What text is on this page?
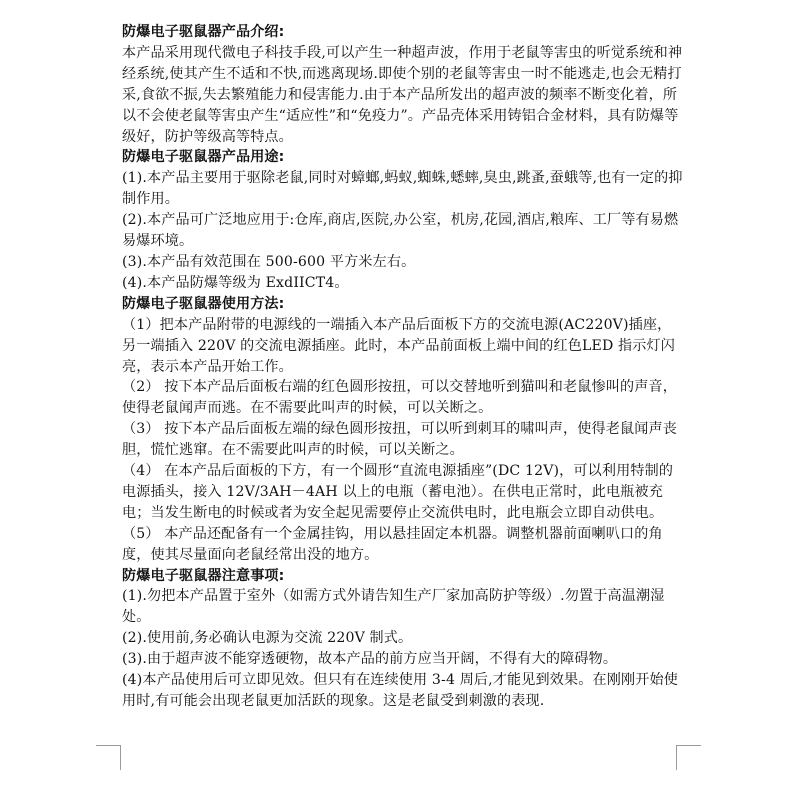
防爆电子驱鼠器产品介绍:

本产品采用现代微电子科技手段,可以产生一种超声波，作用于老鼠等害虫的听觉系统和神经系统,使其产生不适和不快,而逃离现场.即使个别的老鼠等害虫一时不能逃走,也会无精打采,食欲不振,失去繁殖能力和侵害能力.由于本产品所发出的超声波的频率不断变化着，所以不会使老鼠等害虫产生“适应性”和“免疫力”。产品壳体采用铸铝合金材料，具有防爆等级好，防护等级高等特点。

防爆电子驱鼠器产品用途:

(1).本产品主要用于驱除老鼠,同时对蟑螂,蚂蚁,蜘蛛,蟋蟀,臭虫,跳蚤,蚕蛾等,也有一定的抑制作用。

(2).本产品可广泛地应用于:仓库,商店,医院,办公室，机房,花园,酒店,粮库、工厂等有易燃易爆环境。

(3).本产品有效范围在 500-600 平方米左右。

(4).本产品防爆等级为 ExdIICT4。

防爆电子驱鼠器使用方法:

（1）把本产品附带的电源线的一端插入本产品后面板下方的交流电源(AC220V)插座，另一端插入 220V 的交流电源插座。此时，本产品前面板上端中间的红色LED 指示灯闪亮，表示本产品开始工作。

（2） 按下本产品后面板右端的红色圆形按扭，可以交替地听到猫叫和老鼠惨叫的声音，使得老鼠闻声而逃。在不需要此叫声的时候，可以关断之。

（3） 按下本产品后面板左端的绿色圆形按扭，可以听到刺耳的啸叫声，使得老鼠闻声丧胆，慌忙逃窜。在不需要此叫声的时候，可以关断之。

（4） 在本产品后面板的下方，有一个圆形“直流电源插座”(DC 12V)，可以利用特制的电源插头，接入 12V/3AH－4AH 以上的电瓶（蓄电池）。在供电正常时，此电瓶被充电；当发生断电的时候或者为安全起见需要停止交流供电时，此电瓶会立即自动供电。

（5） 本产品还配备有一个金属挂钩，用以悬挂固定本机器。调整机器前面喇叭口的角度，使其尽量面向老鼠经常出没的地方。

防爆电子驱鼠器注意事项:

(1).勿把本产品置于室外（如需方式外请告知生产厂家加高防护等级）.勿置于高温潮湿处。

(2).使用前,务必确认电源为交流 220V 制式。

(3).由于超声波不能穿透硬物，故本产品的前方应当开阔，不得有大的障碍物。

(4)本产品使用后可立即见效。但只有在连续使用 3-4 周后,才能见到效果。在刚刚开始使用时,有可能会出现老鼠更加活跃的现象。这是老鼠受到刺激的表现.
